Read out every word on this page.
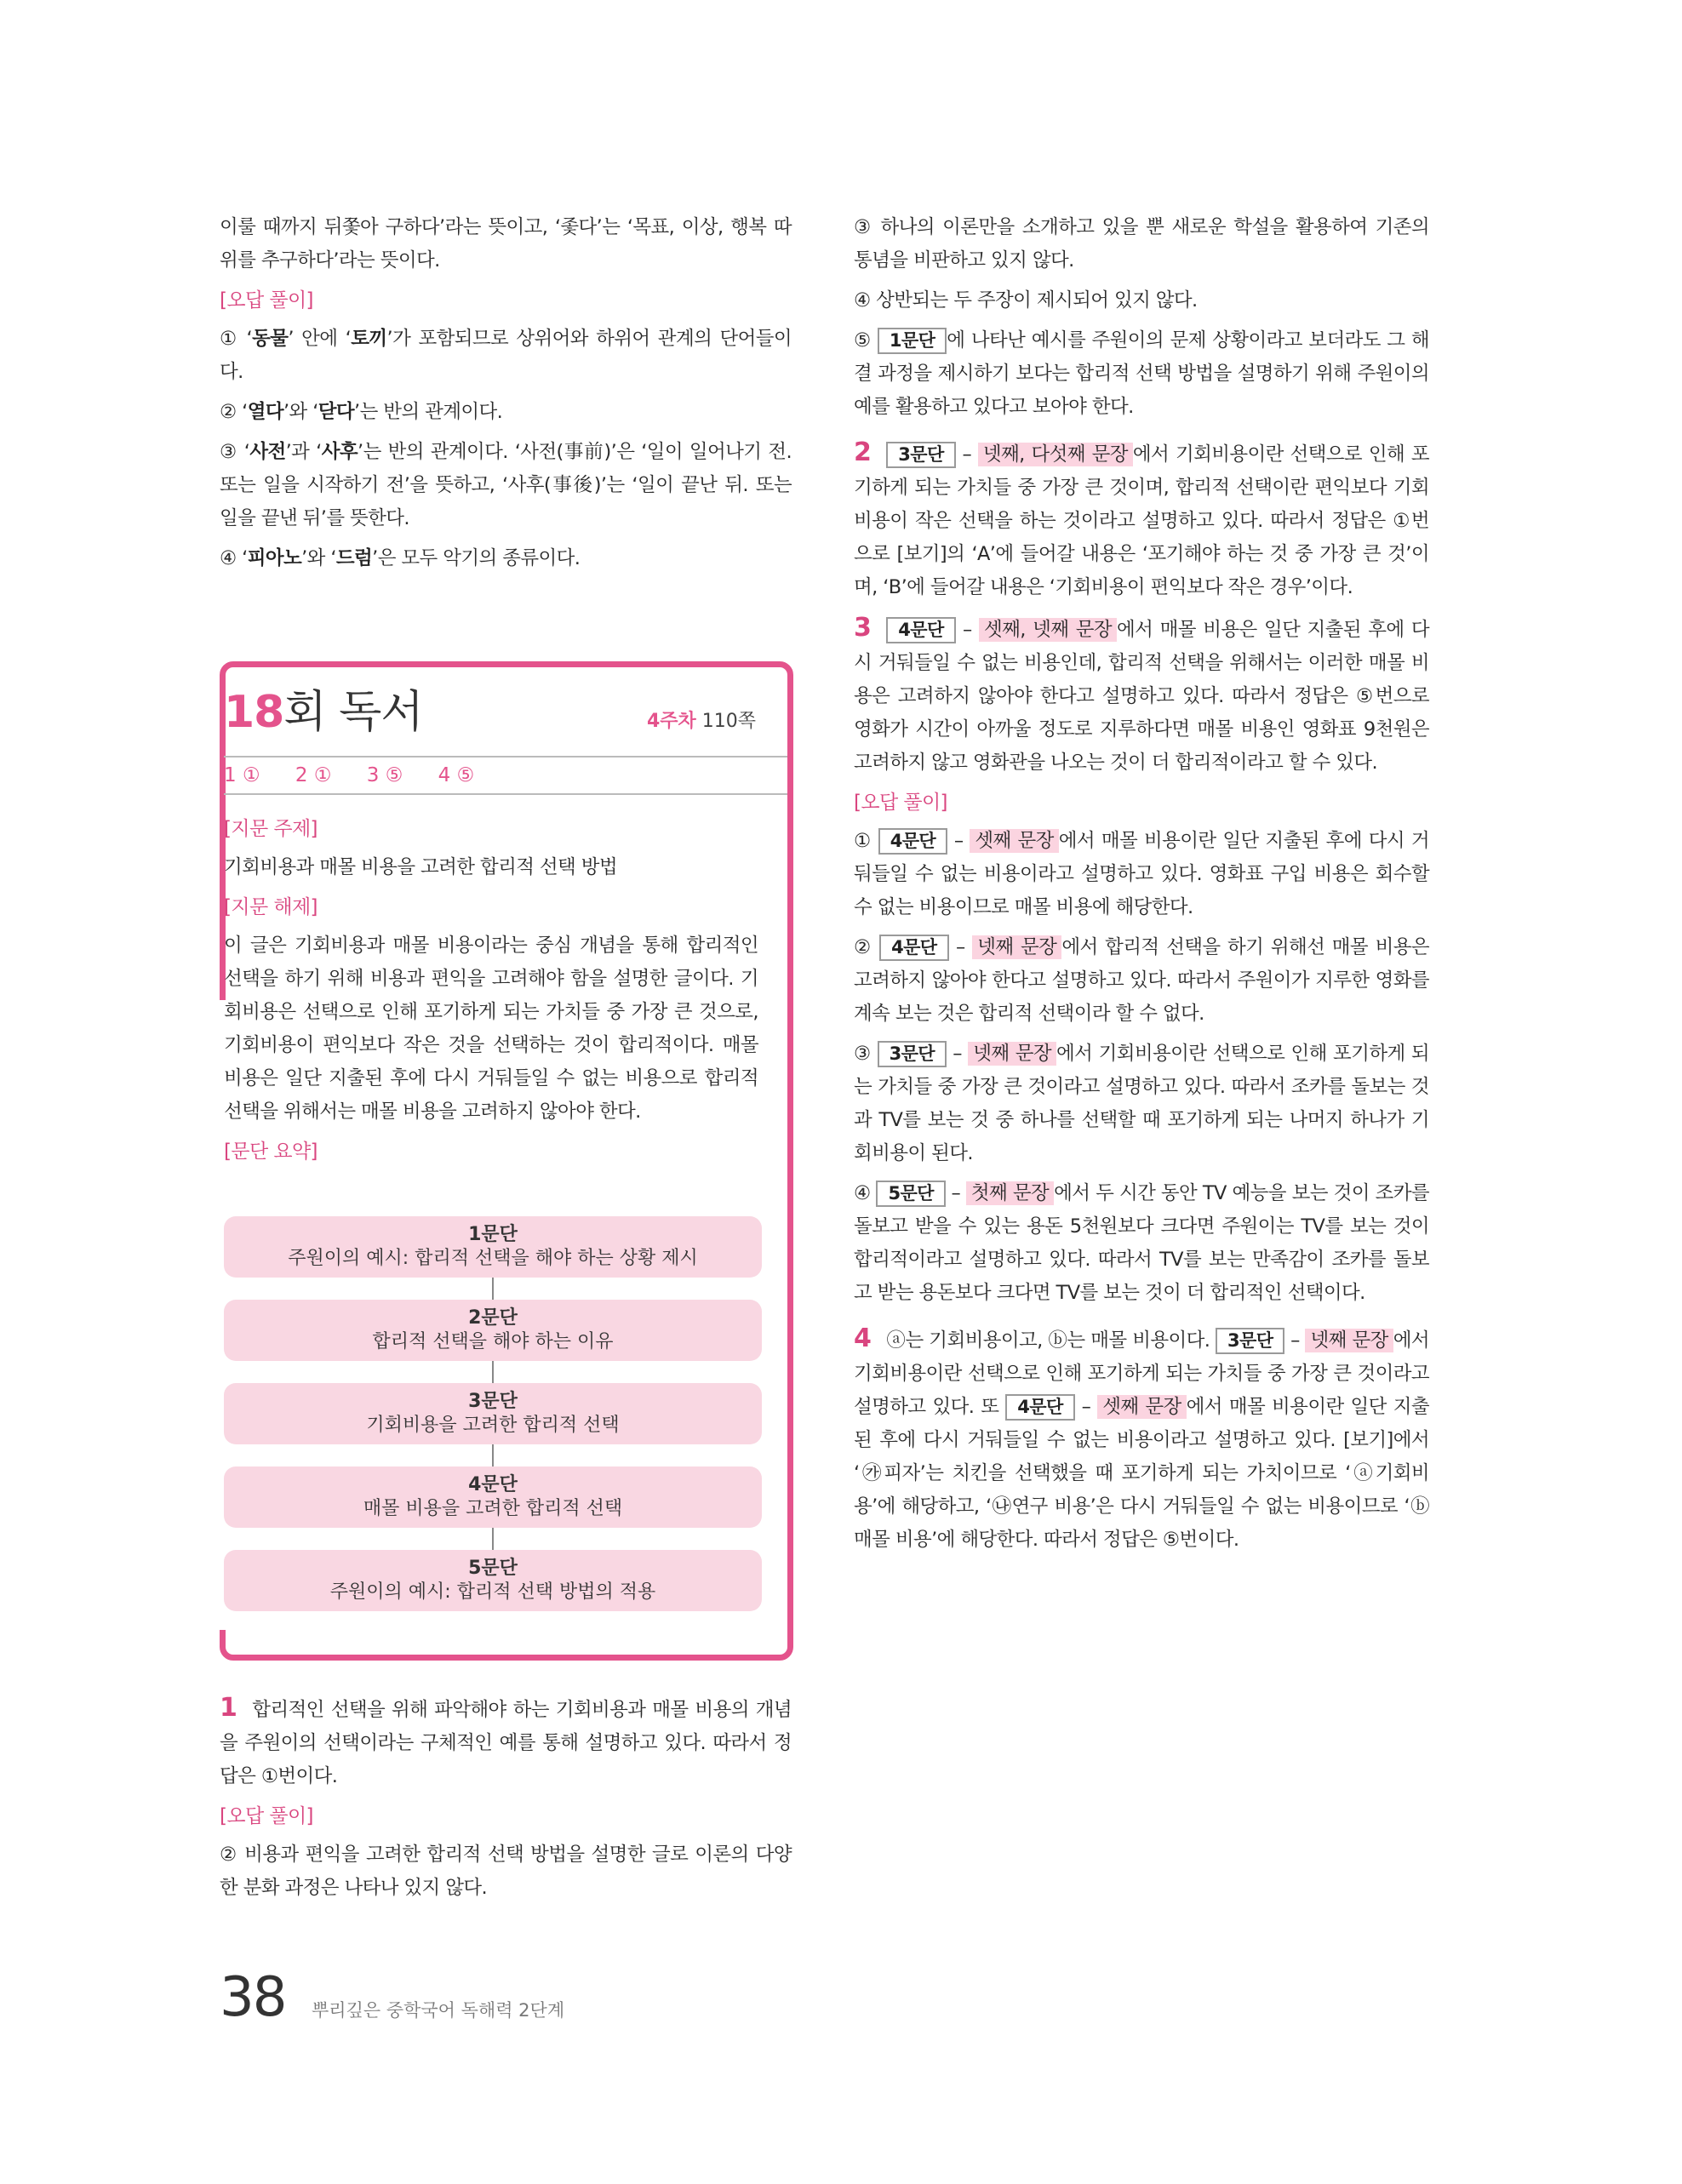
이룰 때까지 뒤쫓아 구하다’라는 뜻이고, ‘좇다’는 ‘목표, 이상, 행복 따위를 추구하다’라는 뜻이다.

[오답 풀이]

① ‘동물’ 안에 ‘토끼’가 포함되므로 상위어와 하위어 관계의 단어들이다.

② ‘열다’와 ‘닫다’는 반의 관계이다.

③ ‘사전’과 ‘사후’는 반의 관계이다. ‘사전(事前)’은 ‘일이 일어나기 전. 또는 일을 시작하기 전’을 뜻하고, ‘사후(事後)’는 ‘일이 끝난 뒤. 또는 일을 끝낸 뒤’를 뜻한다.

④ ‘피아노’와 ‘드럼’은 모두 악기의 종류이다.

18회 독서	4주차 110쪽
1 ① 2 ① 3 ⑤ 4 ⑤

[지문 주제]

기회비용과 매몰 비용을 고려한 합리적 선택 방법

[지문 해제]

이 글은 기회비용과 매몰 비용이라는 중심 개념을 통해 합리적인 선택을 하기 위해 비용과 편익을 고려해야 함을 설명한 글이다. 기회비용은 선택으로 인해 포기하게 되는 가치들 중 가장 큰 것으로, 기회비용이 편익보다 작은 것을 선택하는 것이 합리적이다. 매몰 비용은 일단 지출된 후에 다시 거둬들일 수 없는 비용으로 합리적 선택을 위해서는 매몰 비용을 고려하지 않아야 한다.

[문단 요약]

1문단
주원이의 예시: 합리적 선택을 해야 하는 상황 제시
2문단
합리적 선택을 해야 하는 이유
3문단
기회비용을 고려한 합리적 선택
4문단
매몰 비용을 고려한 합리적 선택
5문단
주원이의 예시: 합리적 선택 방법의 적용

1 합리적인 선택을 위해 파악해야 하는 기회비용과 매몰 비용의 개념을 주원이의 선택이라는 구체적인 예를 통해 설명하고 있다. 따라서 정답은 ①번이다.

[오답 풀이]

② 비용과 편익을 고려한 합리적 선택 방법을 설명한 글로 이론의 다양한 분화 과정은 나타나 있지 않다.

③ 하나의 이론만을 소개하고 있을 뿐 새로운 학설을 활용하여 기존의 통념을 비판하고 있지 않다.

④ 상반되는 두 주장이 제시되어 있지 않다.

⑤ 1문단 에 나타난 예시를 주원이의 문제 상황이라고 보더라도 그 해결 과정을 제시하기 보다는 합리적 선택 방법을 설명하기 위해 주원이의 예를 활용하고 있다고 보아야 한다.

2 3문단 – 넷째, 다섯째 문장 에서 기회비용이란 선택으로 인해 포기하게 되는 가치들 중 가장 큰 것이며, 합리적 선택이란 편익보다 기회비용이 작은 선택을 하는 것이라고 설명하고 있다. 따라서 정답은 ①번으로 [보기]의 ‘A’에 들어갈 내용은 ‘포기해야 하는 것 중 가장 큰 것’이며, ‘B’에 들어갈 내용은 ‘기회비용이 편익보다 작은 경우’이다.

3 4문단 – 셋째, 넷째 문장 에서 매몰 비용은 일단 지출된 후에 다시 거둬들일 수 없는 비용인데, 합리적 선택을 위해서는 이러한 매몰 비용은 고려하지 않아야 한다고 설명하고 있다. 따라서 정답은 ⑤번으로 영화가 시간이 아까울 정도로 지루하다면 매몰 비용인 영화표 9천원은 고려하지 않고 영화관을 나오는 것이 더 합리적이라고 할 수 있다.

[오답 풀이]

① 4문단 – 셋째 문장 에서 매몰 비용이란 일단 지출된 후에 다시 거둬들일 수 없는 비용이라고 설명하고 있다. 영화표 구입 비용은 회수할 수 없는 비용이므로 매몰 비용에 해당한다.

② 4문단 – 넷째 문장 에서 합리적 선택을 하기 위해선 매몰 비용은 고려하지 않아야 한다고 설명하고 있다. 따라서 주원이가 지루한 영화를 계속 보는 것은 합리적 선택이라 할 수 없다.

③ 3문단 – 넷째 문장 에서 기회비용이란 선택으로 인해 포기하게 되는 가치들 중 가장 큰 것이라고 설명하고 있다. 따라서 조카를 돌보는 것과 TV를 보는 것 중 하나를 선택할 때 포기하게 되는 나머지 하나가 기회비용이 된다.

④ 5문단 – 첫째 문장 에서 두 시간 동안 TV 예능을 보는 것이 조카를 돌보고 받을 수 있는 용돈 5천원보다 크다면 주원이는 TV를 보는 것이 합리적이라고 설명하고 있다. 따라서 TV를 보는 만족감이 조카를 돌보고 받는 용돈보다 크다면 TV를 보는 것이 더 합리적인 선택이다.

4 ⓐ는 기회비용이고, ⓑ는 매몰 비용이다. 3문단 – 넷째 문장 에서 기회비용이란 선택으로 인해 포기하게 되는 가치들 중 가장 큰 것이라고 설명하고 있다. 또 4문단 – 셋째 문장 에서 매몰 비용이란 일단 지출된 후에 다시 거둬들일 수 없는 비용이라고 설명하고 있다. [보기]에서 ‘㉮피자’는 치킨을 선택했을 때 포기하게 되는 가치이므로 ‘ⓐ기회비용’에 해당하고, ‘㉯연구 비용’은 다시 거둬들일 수 없는 비용이므로 ‘ⓑ매몰 비용’에 해당한다. 따라서 정답은 ⑤번이다.

38 뿌리깊은 중학국어 독해력 2단계
